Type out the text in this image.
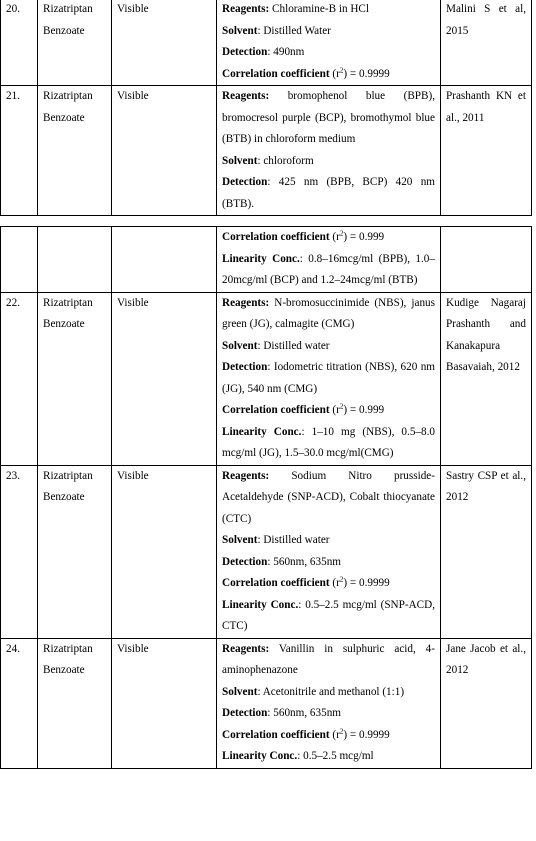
20.	Rizatriptan Benzoate	Visible	Reagents: Chloramine-B in HCl
Solvent: Distilled Water
Detection: 490nm
Correlation coefficient $(r^2) = 0.9999$	Malini S et al, 2015
21.	Rizatriptan Benzoate	Visible	Reagents: bromophenol blue (BPB), bromocresol purple (BCP), bromothymol blue (BTB) in chloroform medium
Solvent: chloroform
Detection: 425 nm (BPB, BCP) 420 nm (BTB).	Prashanth KN et al., 2011

			Correlation coefficient $(r^2) = 0.999$
Linearity Conc.: 0.8–16mcg/ml (BPB), 1.0–20mcg/ml (BCP) and 1.2–24mcg/ml (BTB)	

22.	Rizatriptan Benzoate	Visible	Reagents: N-bromosuccinimide (NBS), janus green (JG), calmagite (CMG)
Solvent: Distilled water
Detection: Iodometric titration (NBS), 620 nm (JG), 540 nm (CMG)
Correlation coefficient $(r^2) = 0.999$
Linearity Conc.: 1–10 mg (NBS), 0.5–8.0 mcg/ml (JG), 1.5–30.0 mcg/ml(CMG)	Kudige Nagaraj Prashanth and Kanakapura Basavaiah, 2012
23.	Rizatriptan Benzoate	Visible	Reagents: Sodium Nitro prusside-Acetaldehyde (SNP-ACD), Cobalt thiocyanate (CTC)
Solvent: Distilled water
Detection: 560nm, 635nm
Correlation coefficient $(r^2) = 0.9999$
Linearity Conc.: 0.5–2.5 mcg/ml (SNP-ACD, CTC)	Sastry CSP et al., 2012
24.	Rizatriptan Benzoate	Visible	Reagents: Vanillin in sulphuric acid, 4-aminophenazone
Solvent: Acetonitrile and methanol (1:1)
Detection: 560nm, 635nm
Correlation coefficient $(r^2) = 0.9999$
Linearity Conc.: 0.5–2.5 mcg/ml	Jane Jacob et al., 2012
